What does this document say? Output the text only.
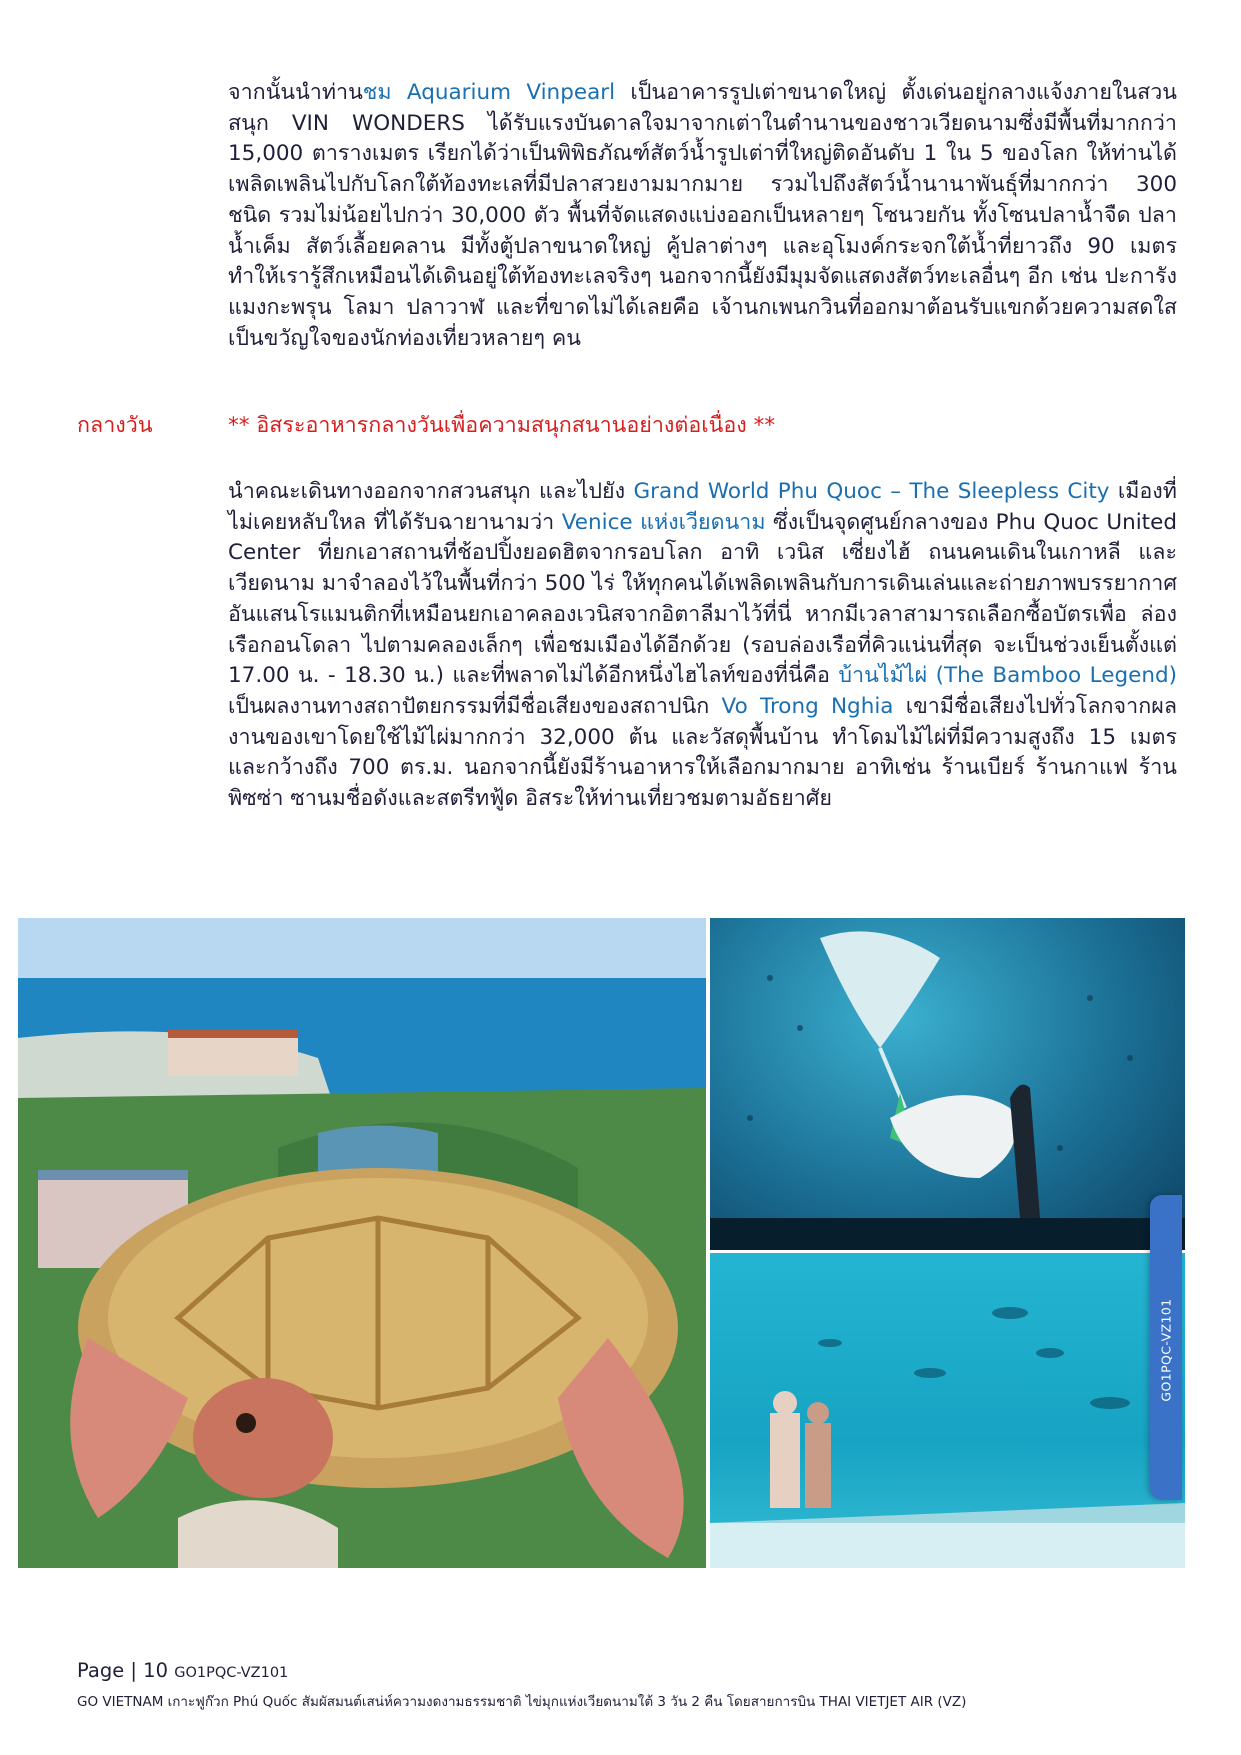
จากนั้นนำท่านชม Aquarium Vinpearl เป็นอาคารรูปเต่าขนาดใหญ่ ตั้งเด่นอยู่กลางแจ้งภายในสวนสนุก VIN WONDERS ได้รับแรงบันดาลใจมาจากเต่าในตำนานของชาวเวียดนามซึ่งมีพื้นที่มากกว่า 15,000 ตารางเมตร เรียกได้ว่าเป็นพิพิธภัณฑ์สัตว์น้ำรูปเต่าที่ใหญ่ติดอันดับ 1 ใน 5 ของโลก ให้ท่านได้เพลิดเพลินไปกับโลกใต้ท้องทะเลที่มีปลาสวยงามมากมาย รวมไปถึงสัตว์น้ำนานาพันธุ์ที่มากกว่า 300 ชนิด รวมไม่น้อยไปกว่า 30,000 ตัว พื้นที่จัดแสดงแบ่งออกเป็นหลายๆ โซนวยกัน ทั้งโซนปลาน้ำจืด ปลาน้ำเค็ม สัตว์เลื้อยคลาน มีทั้งตู้ปลาขนาดใหญ่ คู้ปลาต่างๆ และอุโมงค์กระจกใต้น้ำที่ยาวถึง 90 เมตรทำให้เรารู้สึกเหมือนได้เดินอยู่ใต้ท้องทะเลจริงๆ นอกจากนี้ยังมีมุมจัดแสดงสัตว์ทะเลอื่นๆ อีก เช่น ปะการัง แมงกะพรุน โลมา ปลาวาฬ และที่ขาดไม่ได้เลยคือ เจ้านกเพนกวินที่ออกมาต้อนรับแขกด้วยความสดใส เป็นขวัญใจของนักท่องเที่ยวหลายๆ คน

กลางวัน	** อิสระอาหารกลางวันเพื่อความสนุกสนานอย่างต่อเนื่อง **

นำคณะเดินทางออกจากสวนสนุก และไปยัง Grand World Phu Quoc – The Sleepless City เมืองที่ไม่เคยหลับใหล ที่ได้รับฉายานามว่า Venice แห่งเวียดนาม ซึ่งเป็นจุดศูนย์กลางของ Phu Quoc United Center ที่ยกเอาสถานที่ช้อปปิ้งยอดฮิตจากรอบโลก อาทิ เวนิส เซี่ยงไฮ้ ถนนคนเดินในเกาหลี และเวียดนาม มาจำลองไว้ในพื้นที่กว่า 500 ไร่ ให้ทุกคนได้เพลิดเพลินกับการเดินเล่นและถ่ายภาพบรรยากาศอันแสนโรแมนติกที่เหมือนยกเอาคลองเวนิสจากอิตาลีมาไว้ที่นี่ หากมีเวลาสามารถเลือกซื้อบัตรเพื่อ ล่องเรือกอนโดลา ไปตามคลองเล็กๆ เพื่อชมเมืองได้อีกด้วย (รอบล่องเรือที่คิวแน่นที่สุด จะเป็นช่วงเย็นตั้งแต่ 17.00 น. - 18.30 น.) และที่พลาดไม่ได้อีกหนึ่งไฮไลท์ของที่นี่คือ บ้านไม้ไผ่ (The Bamboo Legend) เป็นผลงานทางสถาปัตยกรรมที่มีชื่อเสียงของสถาปนิก Vo Trong Nghia เขามีชื่อเสียงไปทั่วโลกจากผลงานของเขาโดยใช้ไม้ไผ่มากกว่า 32,000 ต้น และวัสดุพื้นบ้าน ทำโดมไม้ไผ่ที่มีความสูงถึง 15 เมตร และกว้างถึง 700 ตร.ม. นอกจากนี้ยังมีร้านอาหารให้เลือกมากมาย อาทิเช่น ร้านเบียร์ ร้านกาแฟ ร้านพิซซ่า ซานมชื่อดังและสตรีทฟู้ด อิสระให้ท่านเที่ยวชมตามอัธยาศัย

GO1PQC-VZ101
Page | 10 GO1PQC-VZ101
GO VIETNAM เกาะฟูก๊วก Phú Quốc สัมผัสมนต์เสน่ห์ความงดงามธรรมชาติ ไข่มุกแห่งเวียดนามใต้ 3 วัน 2 คืน โดยสายการบิน THAI VIETJET AIR (VZ)
